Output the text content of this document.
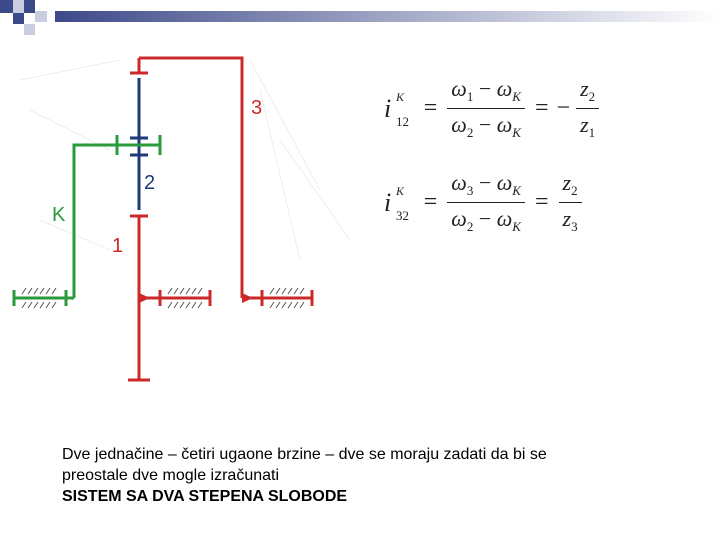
3
2
1
K
i K
$12 = \frac{\omega_1 - \omega_K}{\omega_2 - \omega_K}$ = − $\frac{z_2}{z_1}$
i K
$32 = \frac{\omega_3 - \omega_K}{\omega_2 - \omega_K} = \frac{z_2}{z_3}$
Dve jednačine – četiri ugaone brzine – dve se moraju zadati da bi se
preostale dve mogle izračunati
SISTEM SA DVA STEPENA SLOBODE
